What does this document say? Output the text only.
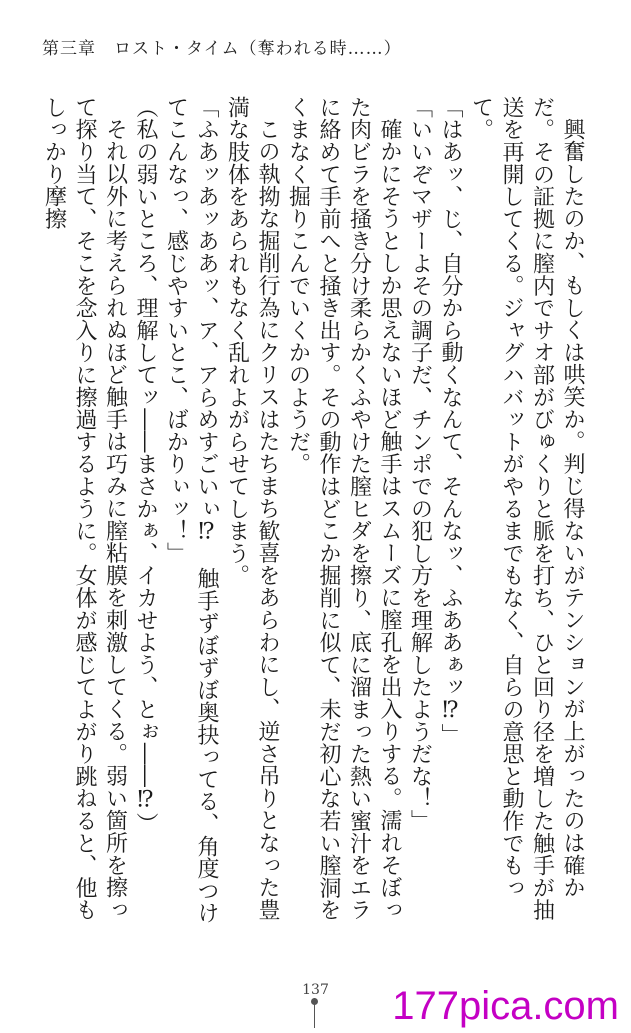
第三章　ロスト・タイム（奪われる時……）

興奮したのか、もしくは哄笑か。判じ得ないがテンションが上がったのは確かだ。その証拠に膣内でサオ部がびゅくりと脈を打ち、ひと回り径を増した触手が抽送を再開してくる。ジャグハバットがやるまでもなく、自らの意思と動作でもって。

「はあッ、じ、自分から動くなんて、そんなッ、ふああぁッ⁉」

「いいぞマザーよその調子だ、チンポでの犯し方を理解したようだな！」

確かにそうとしか思えないほど触手はスムーズに膣孔を出入りする。濡れそぼった肉ビラを掻き分け柔らかくふやけた膣ヒダを擦り、底に溜まった熱い蜜汁をエラに絡めて手前へと掻き出す。その動作はどこか掘削に似て、未だ初心な若い膣洞をくまなく掘りこんでいくかのようだ。

この執拗な掘削行為にクリスはたちまち歓喜をあらわにし、逆さ吊りとなった豊満な肢体をあられもなく乱れよがらせてしまう。

「ふあッあッああッ、ア、アらめすごいぃ⁉　触手ずぼずぼ奥抉ってる、角度つけてこんなっ、感じやすいとこ、ばかりぃッ！」

（私の弱いところ、理解してッ――まさかぁ、イカせよう、とぉ――⁉）

それ以外に考えられぬほど触手は巧みに膣粘膜を刺激してくる。弱い箇所を擦って探り当て、そこを念入りに擦過するように。女体が感じてよがり跳ねると、他もしっかり摩擦

137	177pica.com
